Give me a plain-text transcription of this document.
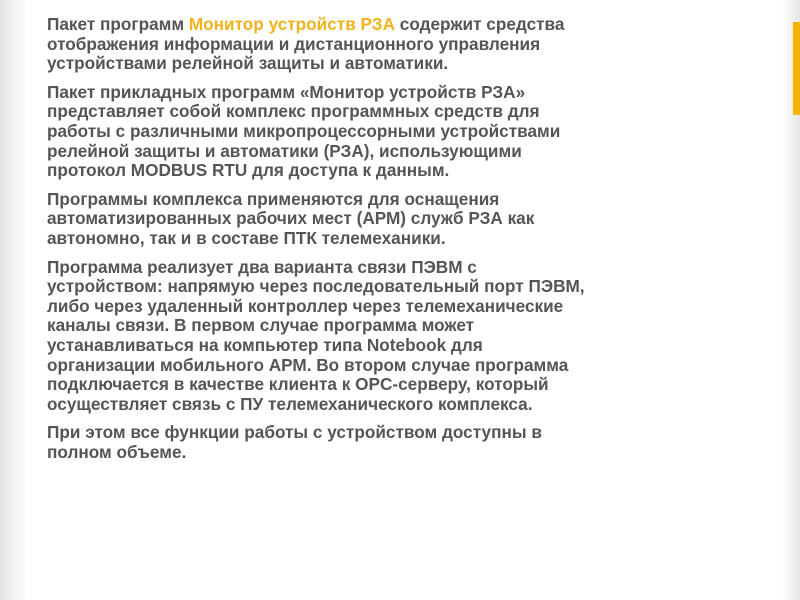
Пакет программ Монитор устройств РЗА содержит средства
отображения информации и дистанционного управления
устройствами релейной защиты и автоматики.

Пакет прикладных программ «Монитор устройств РЗА»
представляет собой комплекс программных средств для
работы с различными микропроцессорными устройствами
релейной защиты и автоматики (РЗА), использующими
протокол MODBUS RTU для доступа к данным.

Программы комплекса применяются для оснащения
автоматизированных рабочих мест (АРМ) служб РЗА как
автономно, так и в составе ПТК телемеханики.

Программа реализует два варианта связи ПЭВМ с
устройством: напрямую через последовательный порт ПЭВМ,
либо через удаленный контроллер через телемеханические
каналы связи. В первом случае программа может
устанавливаться на компьютер типа Notebook для
организации мобильного АРМ. Во втором случае программа
подключается в качестве клиента к OPC-серверу, который
осуществляет связь с ПУ телемеханического комплекса.

При этом все функции работы с устройством доступны в
полном объеме.
